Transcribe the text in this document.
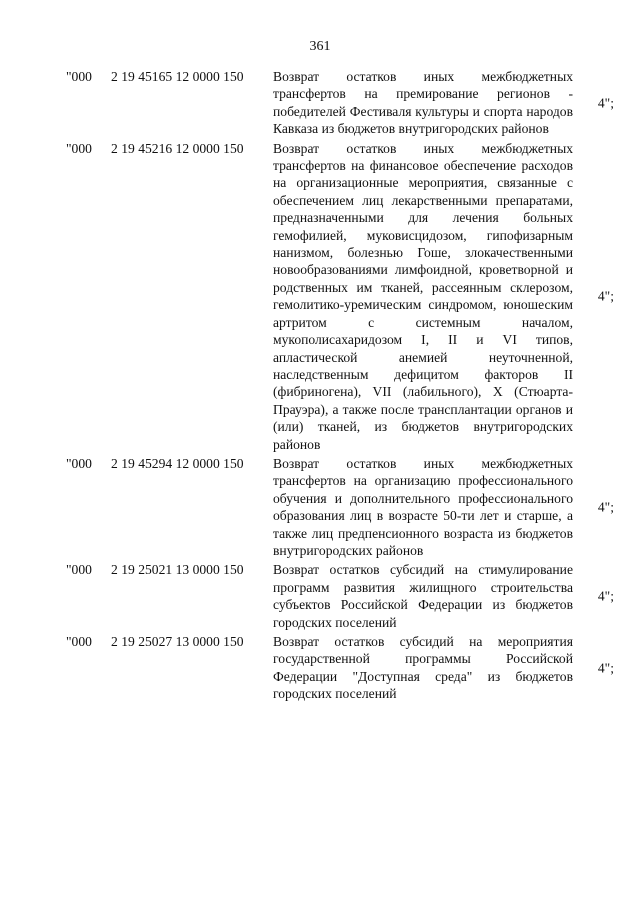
361
"000 2 19 45165 12 0000 150 Возврат остатков иных межбюджетных трансфертов на премирование регионов - победителей Фестиваля культуры и спорта народов Кавказа из бюджетов внутригородских районов
4";
"000 2 19 45216 12 0000 150 Возврат остатков иных межбюджетных трансфертов на финансовое обеспечение расходов на организационные мероприятия, связанные с обеспечением лиц лекарственными препаратами, предназначенными для лечения больных гемофилией, муковисцидозом, гипофизарным нанизмом, болезнью Гоше, злокачественными новообразованиями лимфоидной, кроветворной и родственных им тканей, рассеянным склерозом, гемолитико-уремическим синдромом, юношеским артритом с системным началом, мукополисахаридозом I, II и VI типов, апластической анемией неуточненной, наследственным дефицитом факторов II (фибриногена), VII (лабильного), X (Стюарта-Прауэра), а также после трансплантации органов и (или) тканей, из бюджетов внутригородских районов
4";
"000 2 19 45294 12 0000 150 Возврат остатков иных межбюджетных трансфертов на организацию профессионального обучения и дополнительного профессионального образования лиц в возрасте 50-ти лет и старше, а также лиц предпенсионного возраста из бюджетов внутригородских районов
4";
"000 2 19 25021 13 0000 150 Возврат остатков субсидий на стимулирование программ развития жилищного строительства субъектов Российской Федерации из бюджетов городских поселений
4";
"000 2 19 25027 13 0000 150 Возврат остатков субсидий на мероприятия государственной программы Российской Федерации "Доступная среда" из бюджетов городских поселений
4";
